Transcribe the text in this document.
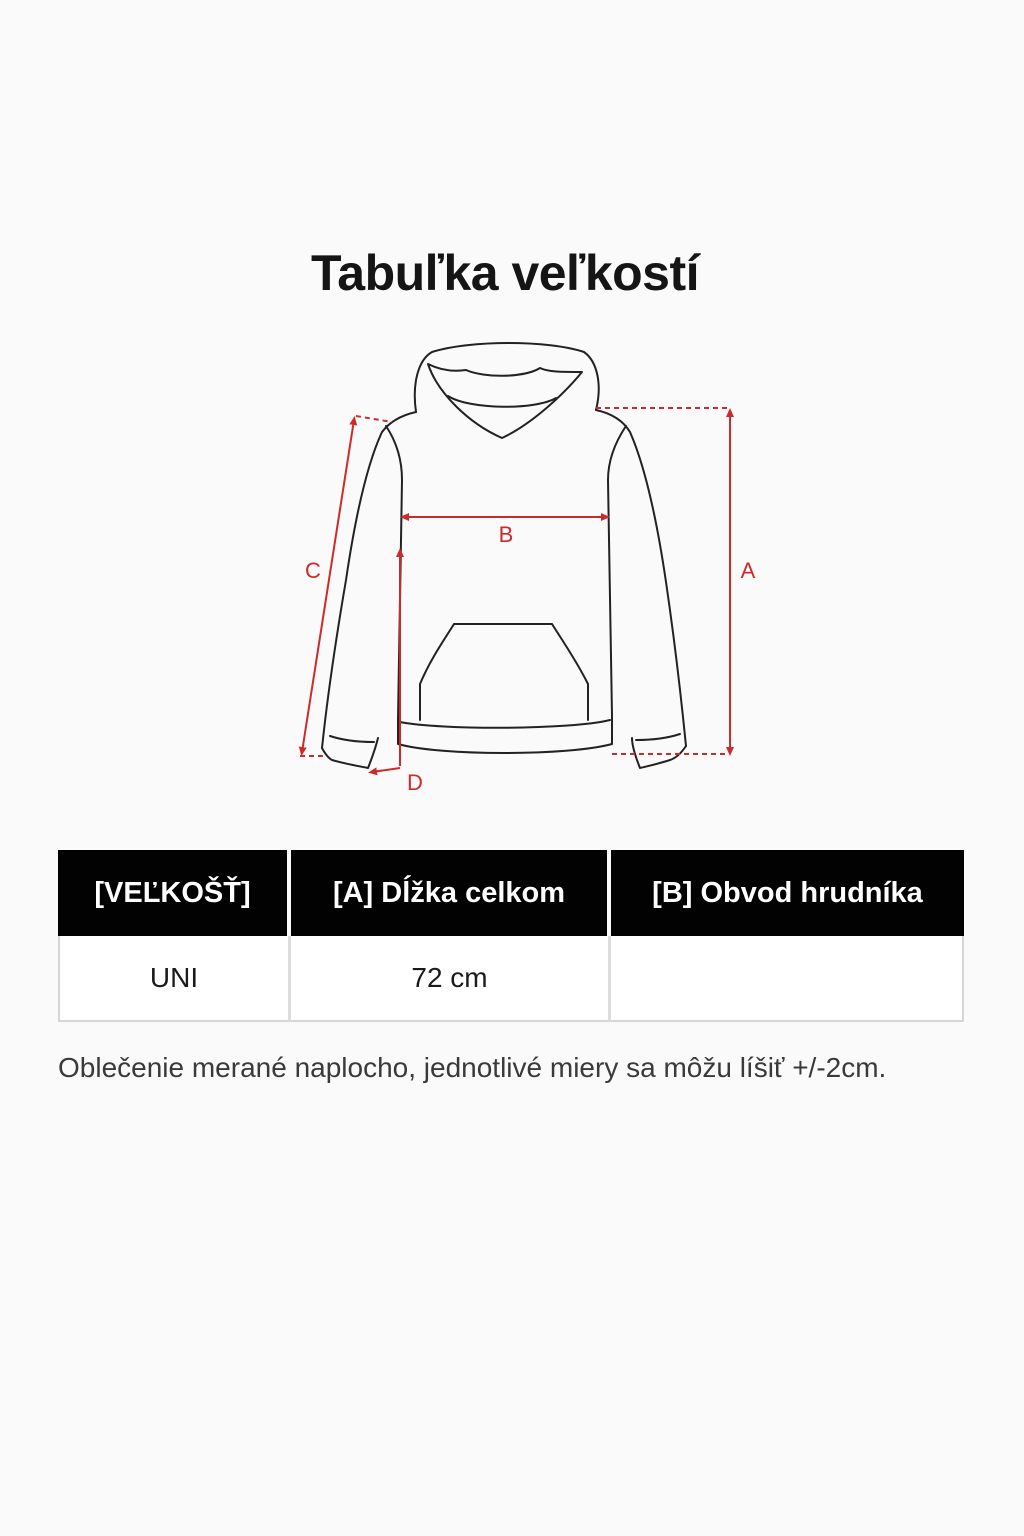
Tabuľka veľkostí
A
B
C
D
[VEĽKOŠŤ]	[A] Dĺžka celkom	[B] Obvod hrudníka
UNI	72 cm	

Oblečenie merané naplocho, jednotlivé miery sa môžu líšiť +/-2cm.
